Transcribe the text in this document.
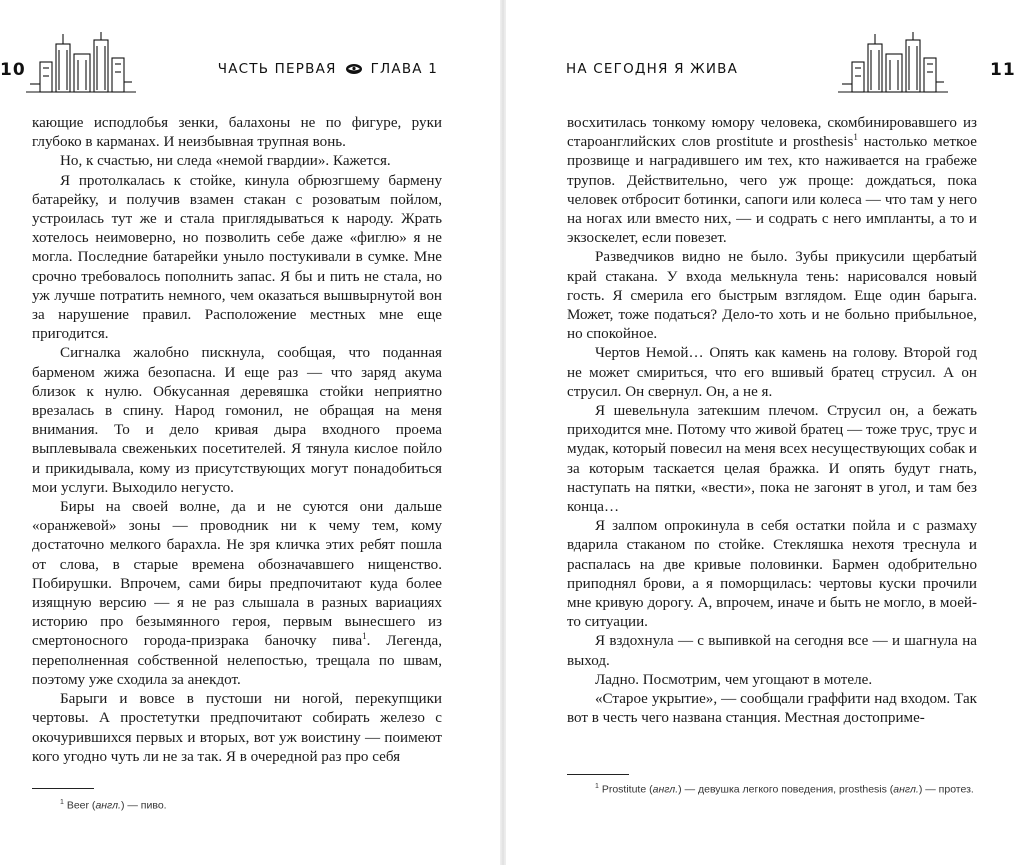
10	ЧАСТЬ ПЕРВАЯ	ГЛАВА 1

кающие исподлобья зенки, балахоны не по фигуре, руки глубоко в карманах. И неизбывная трупная вонь.

Но, к счастью, ни следа «немой гвардии». Кажется.

Я протолкалась к стойке, кинула обрюзгшему бармену батарейку, и получив взамен стакан с розоватым пойлом, устроилась тут же и стала приглядываться к народу. Жрать хотелось неимоверно, но позволить себе даже «фиглю» я не могла. Последние батарейки уныло постукивали в сумке. Мне срочно требовалось пополнить запас. Я бы и пить не стала, но уж лучше потратить немного, чем оказаться вышвырнутой вон за нарушение правил. Расположение местных мне еще пригодится.

Сигналка жалобно пискнула, сообщая, что поданная барменом жижа безопасна. И еще раз — что заряд акума близок к нулю. Обкусанная деревяшка стойки неприятно врезалась в спину. Народ гомонил, не обращая на меня внимания. То и дело кривая дыра входного проема выплевывала свеженьких посетителей. Я тянула кислое пойло и прикидывала, кому из присутствующих могут понадобиться мои услуги. Выходило негусто.

Биры на своей волне, да и не суются они дальше «оранжевой» зоны — проводник ни к чему тем, кому достаточно мелкого барахла. Не зря кличка этих ребят пошла от слова, в старые времена обозначавшего нищенство. Побирушки. Впрочем, сами биры предпочитают куда более изящную версию — я не раз слышала в разных вариациях историю про безымянного героя, первым вынесшего из смертоносного города-призрака баночку пива$^1$. Легенда, переполненная собственной нелепостью, трещала по швам, поэтому уже сходила за анекдот.

Барыги и вовсе в пустоши ни ногой, перекупщики чертовы. А простетутки предпочитают собирать железо с окочурившихся первых и вторых, вот уж воистину — поимеют кого угодно чуть ли не за так. Я в очередной раз про себя

$^1$ Beer (англ.) — пиво.
НА СЕГОДНЯ Я ЖИВА	11

восхитилась тонкому юмору человека, скомбинировавшего из староанглийских слов prostitute и prosthesis$^1$ настолько меткое прозвище и наградившего им тех, кто наживается на грабеже трупов. Действительно, чего уж проще: дождаться, пока человек отбросит ботинки, сапоги или колеса — что там у него на ногах или вместо них, — и содрать с него импланты, а то и экзоскелет, если повезет.

Разведчиков видно не было. Зубы прикусили щербатый край стакана. У входа мелькнула тень: нарисовался новый гость. Я смерила его быстрым взглядом. Еще один барыга. Может, тоже податься? Дело-то хоть и не больно прибыльное, но спокойное.

Чертов Немой… Опять как камень на голову. Второй год не может смириться, что его вшивый братец струсил. А он струсил. Он свернул. Он, а не я.

Я шевельнула затекшим плечом. Струсил он, а бежать приходится мне. Потому что живой братец — тоже трус, трус и мудак, который повесил на меня всех несуществующих собак и за которым таскается целая бражка. И опять будут гнать, наступать на пятки, «вести», пока не загонят в угол, и там без конца…

Я залпом опрокинула в себя остатки пойла и с размаху вдарила стаканом по стойке. Стекляшка нехотя треснула и распалась на две кривые половинки. Бармен одобрительно приподнял брови, а я поморщилась: чертовы куски прочили мне кривую дорогу. А, впрочем, иначе и быть не могло, в моей-то ситуации.

Я вздохнула — с выпивкой на сегодня все — и шагнула на выход.

Ладно. Посмотрим, чем угощают в мотеле.

«Старое укрытие», — сообщали граффити над входом. Так вот в честь чего названа станция. Местная достоприме-

$^1$ Prostitute (англ.) — девушка легкого поведения, prosthesis (англ.) — протез.
